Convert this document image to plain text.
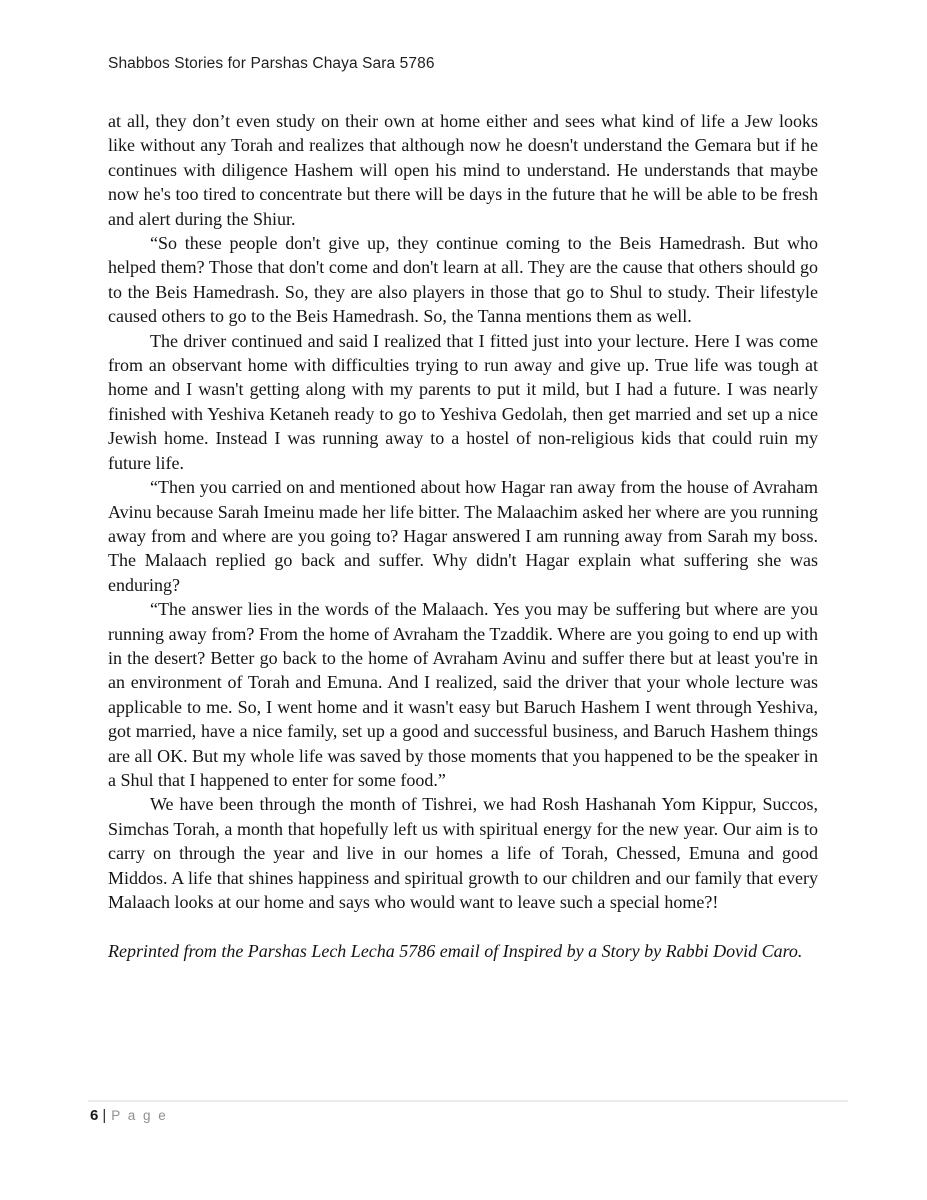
Shabbos Stories for Parshas Chaya Sara 5786

at all, they don’t even study on their own at home either and sees what kind of life a Jew looks like without any Torah and realizes that although now he doesn't understand the Gemara but if he continues with diligence Hashem will open his mind to understand. He understands that maybe now he's too tired to concentrate but there will be days in the future that he will be able to be fresh and alert during the Shiur.

“So these people don't give up, they continue coming to the Beis Hamedrash. But who helped them? Those that don't come and don't learn at all. They are the cause that others should go to the Beis Hamedrash. So, they are also players in those that go to Shul to study. Their lifestyle caused others to go to the Beis Hamedrash. So, the Tanna mentions them as well.

The driver continued and said I realized that I fitted just into your lecture. Here I was come from an observant home with difficulties trying to run away and give up. True life was tough at home and I wasn't getting along with my parents to put it mild, but I had a future. I was nearly finished with Yeshiva Ketaneh ready to go to Yeshiva Gedolah, then get married and set up a nice Jewish home. Instead I was running away to a hostel of non-religious kids that could ruin my future life.

“Then you carried on and mentioned about how Hagar ran away from the house of Avraham Avinu because Sarah Imeinu made her life bitter. The Malaachim asked her where are you running away from and where are you going to? Hagar answered I am running away from Sarah my boss. The Malaach replied go back and suffer. Why didn't Hagar explain what suffering she was enduring?

“The answer lies in the words of the Malaach. Yes you may be suffering but where are you running away from? From the home of Avraham the Tzaddik. Where are you going to end up with in the desert? Better go back to the home of Avraham Avinu and suffer there but at least you're in an environment of Torah and Emuna. And I realized, said the driver that your whole lecture was applicable to me. So, I went home and it wasn't easy but Baruch Hashem I went through Yeshiva, got married, have a nice family, set up a good and successful business, and Baruch Hashem things are all OK. But my whole life was saved by those moments that you happened to be the speaker in a Shul that I happened to enter for some food.”

We have been through the month of Tishrei, we had Rosh Hashanah Yom Kippur, Succos, Simchas Torah, a month that hopefully left us with spiritual energy for the new year. Our aim is to carry on through the year and live in our homes a life of Torah, Chessed, Emuna and good Middos. A life that shines happiness and spiritual growth to our children and our family that every Malaach looks at our home and says who would want to leave such a special home?!

Reprinted from the Parshas Lech Lecha 5786 email of Inspired by a Story by Rabbi Dovid Caro.

6 | P a g e
